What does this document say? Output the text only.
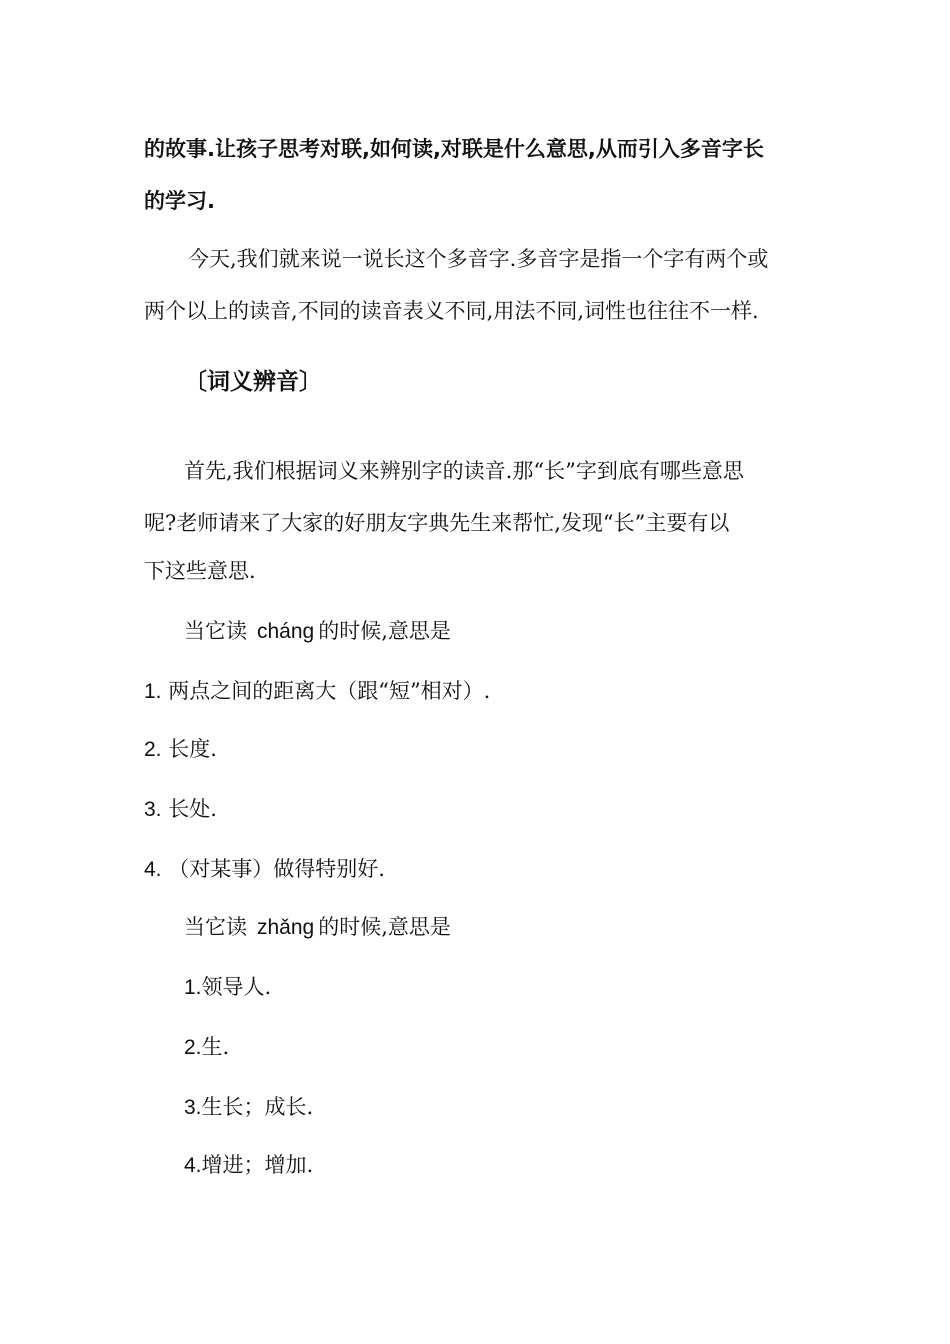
的故事.让孩子思考对联,如何读,对联是什么意思,从而引入多音字长
的学习.
今天,我们就来说一说长这个多音字.多音字是指一个字有两个或
两个以上的读音,不同的读音表义不同,用法不同,词性也往往不一样.
〔词义辨音〕
首先,我们根据词义来辨别字的读音.那“长”字到底有哪些意思
呢?老师请来了大家的好朋友字典先生来帮忙,发现“长”主要有以
下这些意思.
当它读 cháng 的时候,意思是
1. 两点之间的距离大（跟“短”相对）.
2. 长度.
3. 长处.
4. （对某事）做得特别好.
当它读 zhǎng 的时候,意思是
1.领导人.
2.生.
3.生长；成长.
4.增进；增加.
